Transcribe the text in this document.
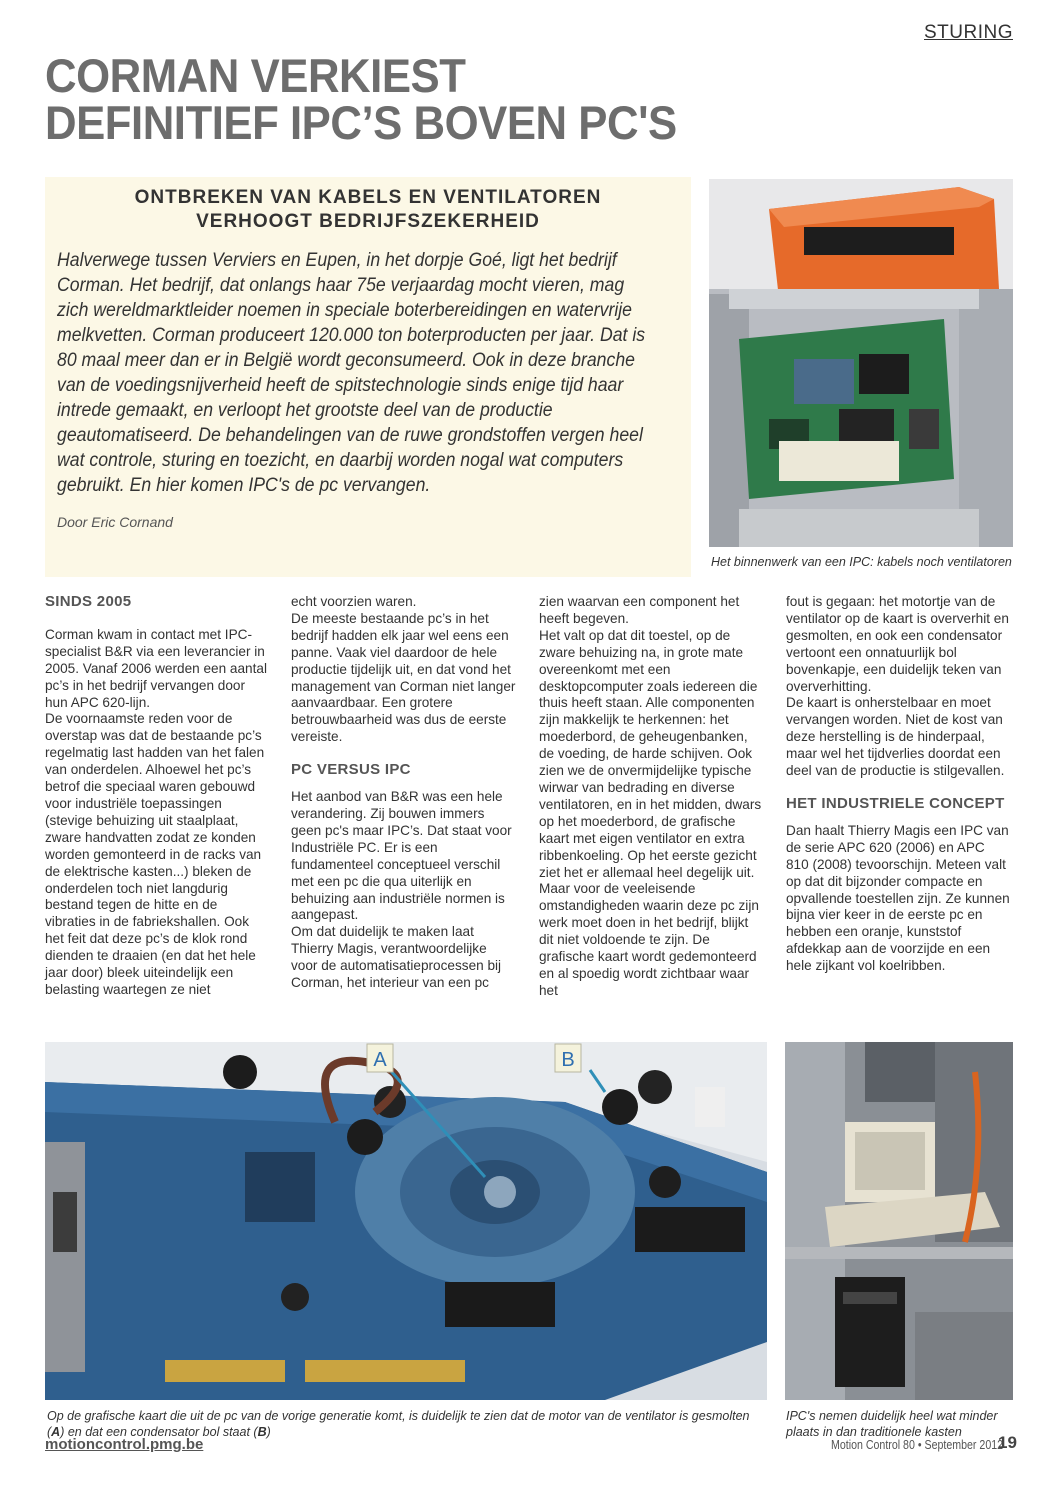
STURING
CORMAN VERKIEST
DEFINITIEF IPC’S BOVEN PC'S
ONTBREKEN VAN KABELS EN VENTILATOREN
VERHOOGT BEDRIJFSZEKERHEID

Halverwege tussen Verviers en Eupen, in het dorpje Goé, ligt het bedrijf Corman. Het bedrijf, dat onlangs haar 75e verjaardag mocht vieren, mag zich wereldmarktleider noemen in speciale boterbereidingen en watervrije melkvetten. Corman produceert 120.000 ton boterproducten per jaar. Dat is 80 maal meer dan er in België wordt geconsumeerd. Ook in deze branche van de voedingsnijverheid heeft de spitstechnologie sinds enige tijd haar intrede gemaakt, en verloopt het grootste deel van de productie geautomatiseerd. De behandelingen van de ruwe grondstoffen vergen heel wat controle, sturing en toezicht, en daarbij worden nogal wat computers gebruikt. En hier komen IPC's de pc vervangen.

Door Eric Cornand
Het binnenwerk van een IPC: kabels noch ventilatoren
SINDS 2005

Corman kwam in contact met IPC-specialist B&R via een leverancier in 2005. Vanaf 2006 werden een aantal pc’s in het bedrijf vervangen door hun APC 620-lijn.

De voornaamste reden voor de overstap was dat de bestaande pc’s regelmatig last hadden van het falen van onderdelen. Alhoewel het pc’s betrof die speciaal waren gebouwd voor industriële toepassingen (stevige behuizing uit staalplaat, zware handvatten zodat ze konden worden gemonteerd in de racks van de elektrische kasten...) bleken de onderdelen toch niet langdurig bestand tegen de hitte en de vibraties in de fabriekshallen. Ook het feit dat deze pc’s de klok rond dienden te draaien (en dat het hele jaar door) bleek uiteindelijk een belasting waartegen ze niet

echt voorzien waren.

De meeste bestaande pc’s in het bedrijf hadden elk jaar wel eens een panne. Vaak viel daardoor de hele productie tijdelijk uit, en dat vond het management van Corman niet langer aanvaardbaar. Een grotere betrouwbaarheid was dus de eerste vereiste.

PC VERSUS IPC

Het aanbod van B&R was een hele verandering. Zij bouwen immers geen pc's maar IPC’s. Dat staat voor Industriële PC. Er is een fundamenteel conceptueel verschil met een pc die qua uiterlijk en behuizing aan industriële normen is aangepast.

Om dat duidelijk te maken laat Thierry Magis, verantwoordelijke voor de automatisatieprocessen bij Corman, het interieur van een pc

zien waarvan een component het heeft begeven.

Het valt op dat dit toestel, op de zware behuizing na, in grote mate overeenkomt met een desktopcomputer zoals iedereen die thuis heeft staan. Alle componenten zijn makkelijk te herkennen: het moederbord, de geheugenbanken, de voeding, de harde schijven. Ook zien we de onvermijdelijke typische wirwar van bedrading en diverse ventilatoren, en in het midden, dwars op het moederbord, de grafische kaart met eigen ventilator en extra ribbenkoeling. Op het eerste gezicht ziet het er allemaal heel degelijk uit. Maar voor de veeleisende omstandigheden waarin deze pc zijn werk moet doen in het bedrijf, blijkt dit niet voldoende te zijn. De grafische kaart wordt gedemonteerd en al spoedig wordt zichtbaar waar het

fout is gegaan: het motortje van de ventilator op de kaart is oververhit en gesmolten, en ook een condensator vertoont een onnatuurlijk bol bovenkapje, een duidelijk teken van oververhitting.

De kaart is onherstelbaar en moet vervangen worden. Niet de kost van deze herstelling is de hinderpaal, maar wel het tijdverlies doordat een deel van de productie is stilgevallen.

HET INDUSTRIELE CONCEPT

Dan haalt Thierry Magis een IPC van de serie APC 620 (2006) en APC 810 (2008) tevoorschijn. Meteen valt op dat dit bijzonder compacte en opvallende toestellen zijn. Ze kunnen bijna vier keer in de eerste pc en hebben een oranje, kunststof afdekkap aan de voorzijde en een hele zijkant vol koelribben.

A	B
Op de grafische kaart die uit de pc van de vorige generatie komt, is duidelijk te zien dat de motor van de ventilator is gesmolten (A) en dat een condensator bol staat (B)
IPC's nemen duidelijk heel wat minder plaats in dan traditionele kasten
motioncontrol.pmg.be	Motion Control 80 • September 2012
19
